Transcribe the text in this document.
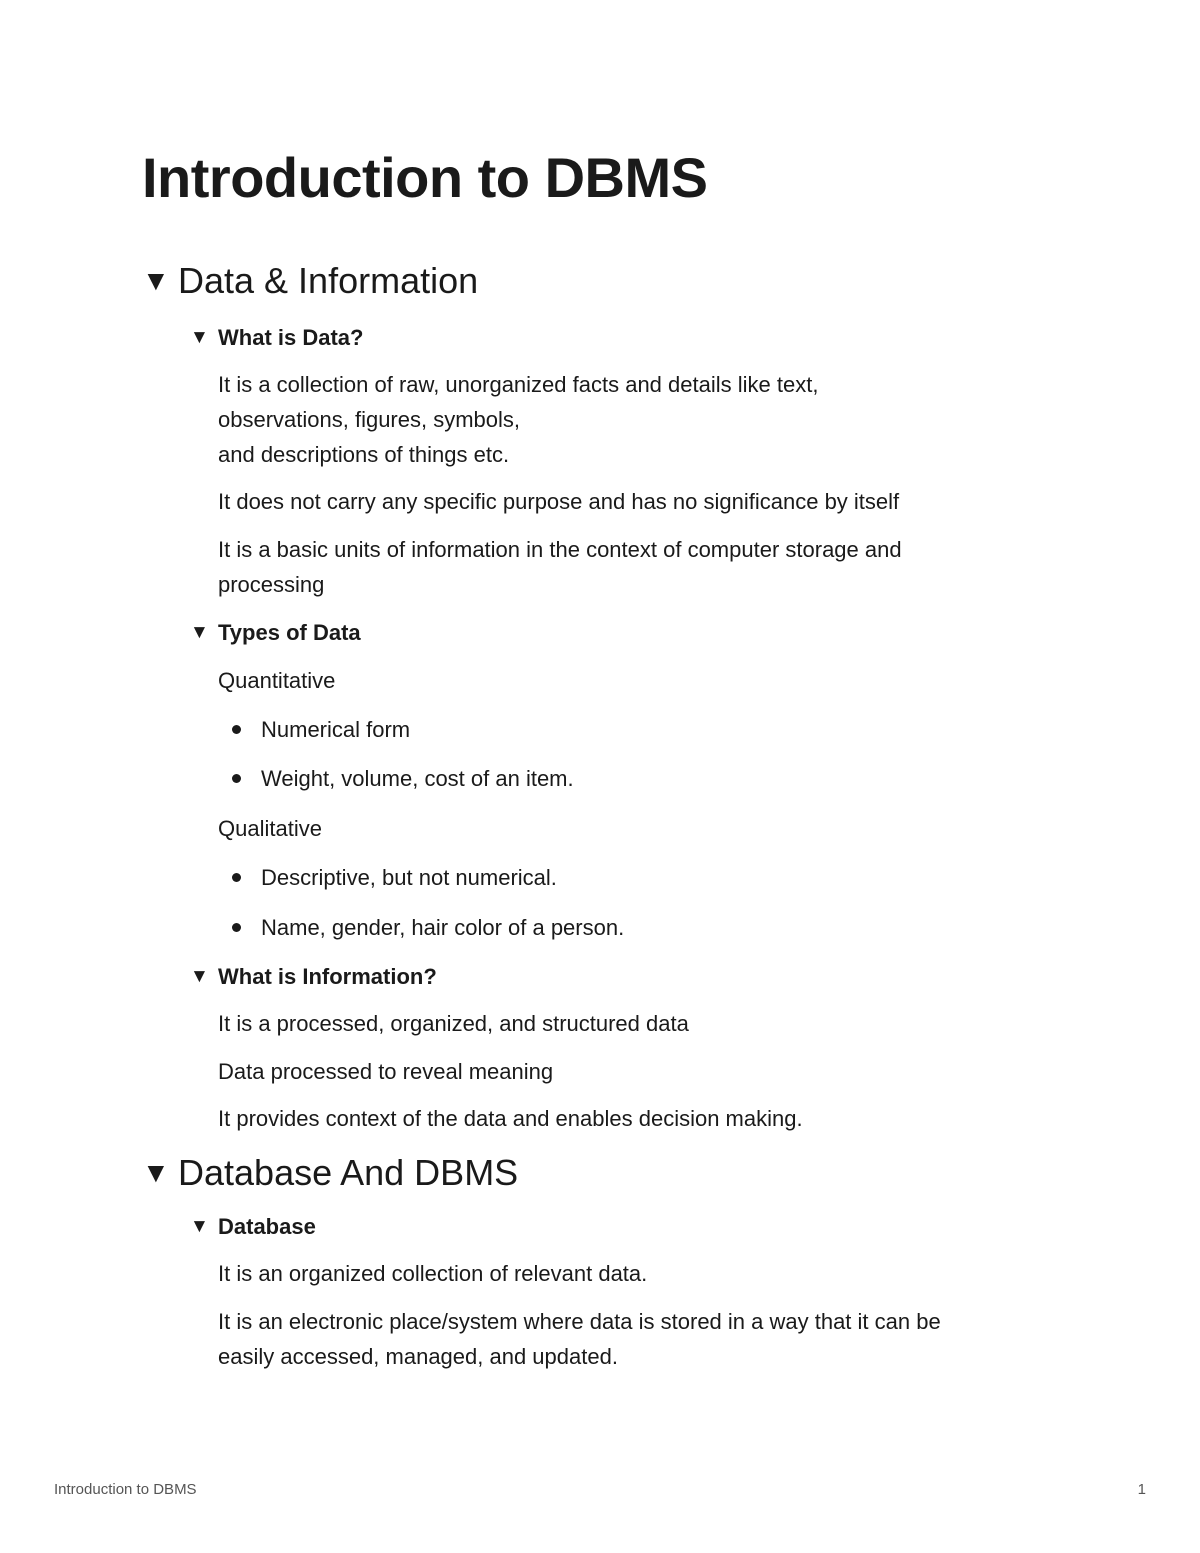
Introduction to DBMS
▼ Data & Information
▼ What is Data?

It is a collection of raw, unorganized facts and details like text,

observations, figures, symbols,

and descriptions of things etc.

It does not carry any specific purpose and has no significance by itself

It is a basic units of information in the context of computer storage and

processing

▼ Types of Data

Quantitative

Numerical form
Weight, volume, cost of an item.

Qualitative

Descriptive, but not numerical.
Name, gender, hair color of a person.
▼ What is Information?

It is a processed, organized, and structured data

Data processed to reveal meaning

It provides context of the data and enables decision making.

▼ Database And DBMS
▼ Database

It is an organized collection of relevant data.

It is an electronic place/system where data is stored in a way that it can be

easily accessed, managed, and updated.

Introduction to DBMS	1
